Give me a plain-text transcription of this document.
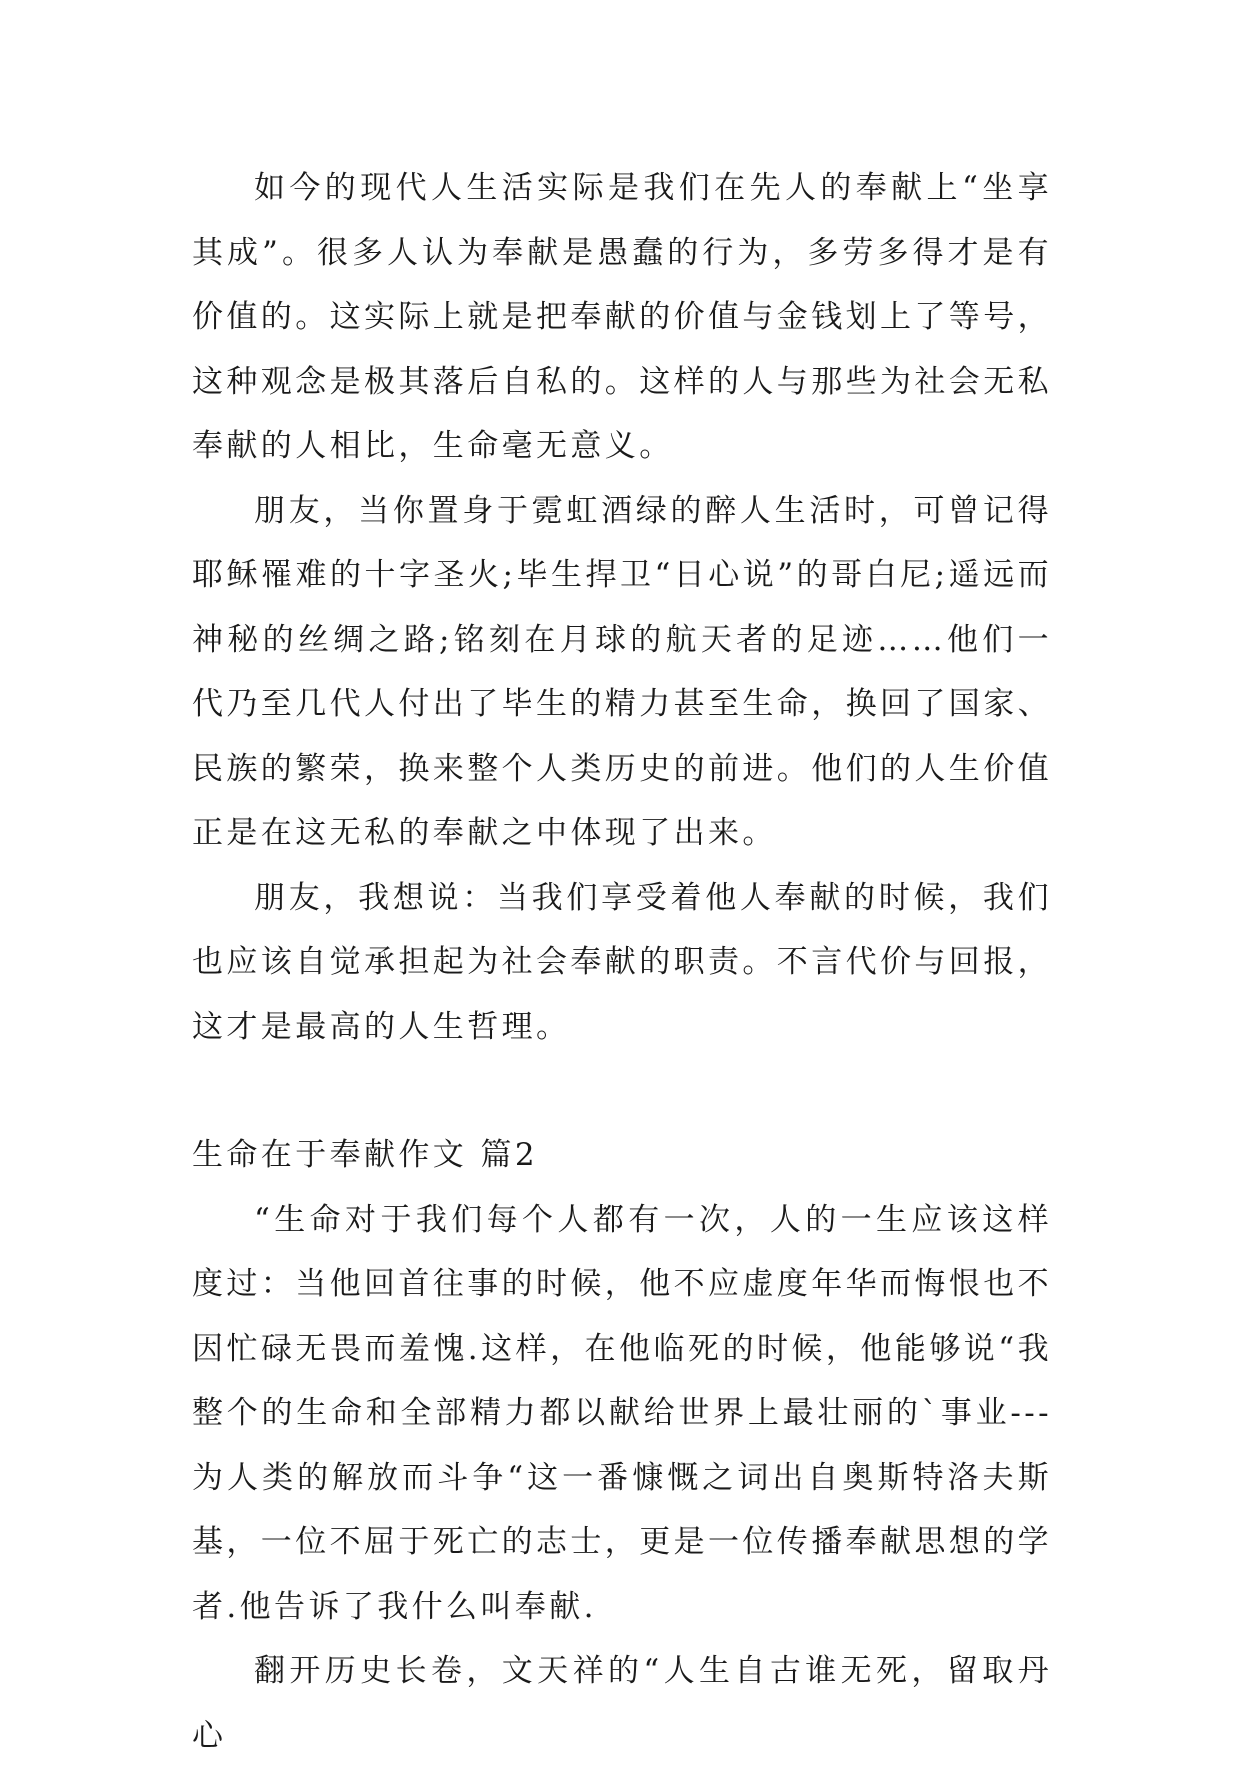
如今的现代人生活实际是我们在先人的奉献上“坐享其成”。很多人认为奉献是愚蠢的行为，多劳多得才是有价值的。这实际上就是把奉献的价值与金钱划上了等号，这种观念是极其落后自私的。这样的人与那些为社会无私奉献的人相比，生命毫无意义。

朋友，当你置身于霓虹酒绿的醉人生活时，可曾记得耶稣罹难的十字圣火;毕生捍卫“日心说”的哥白尼;遥远而神秘的丝绸之路;铭刻在月球的航天者的足迹……他们一代乃至几代人付出了毕生的精力甚至生命，换回了国家、民族的繁荣，换来整个人类历史的前进。他们的人生价值正是在这无私的奉献之中体现了出来。

朋友，我想说：当我们享受着他人奉献的时候，我们也应该自觉承担起为社会奉献的职责。不言代价与回报，这才是最高的人生哲理。

生命在于奉献作文 篇2

“生命对于我们每个人都有一次，人的一生应该这样度过：当他回首往事的时候，他不应虚度年华而悔恨也不因忙碌无畏而羞愧.这样，在他临死的时候，他能够说“我整个的生命和全部精力都以献给世界上最壮丽的`事业---为人类的解放而斗争“这一番慷慨之词出自奥斯特洛夫斯基，一位不屈于死亡的志士，更是一位传播奉献思想的学者.他告诉了我什么叫奉献.

翻开历史长卷，文天祥的“人生自古谁无死，留取丹心
